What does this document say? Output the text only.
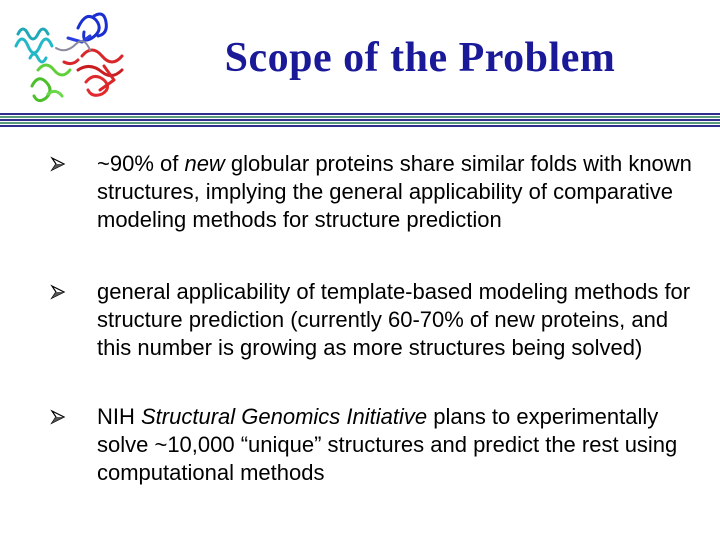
Scope of the Problem
~90% of new globular proteins share similar folds with known structures, implying the general applicability of comparative modeling methods for structure prediction
general applicability of template-based modeling methods for structure prediction (currently 60-70% of new proteins, and this number is growing as more structures being solved)
NIH Structural Genomics Initiative plans to experimentally solve ~10,000 “unique” structures and predict the rest using computational methods
